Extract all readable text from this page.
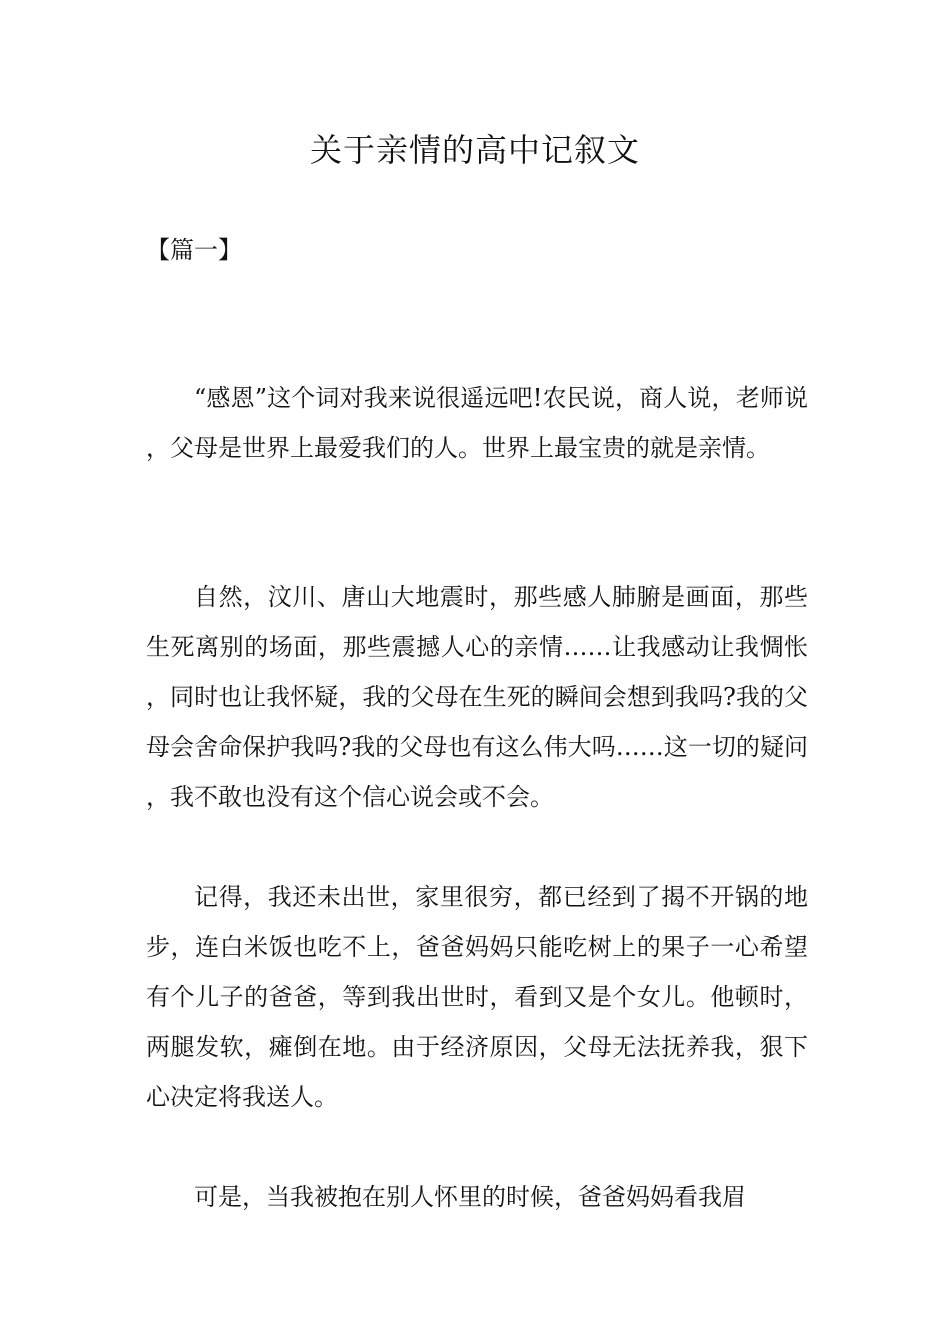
关于亲情的高中记叙文

【篇一】

“感恩”这个词对我来说很遥远吧!农民说，商人说，老师说，父母是世界上最爱我们的人。世界上最宝贵的就是亲情。

自然，汶川、唐山大地震时，那些感人肺腑是画面，那些生死离别的场面，那些震撼人心的亲情……让我感动让我惆怅，同时也让我怀疑，我的父母在生死的瞬间会想到我吗?我的父母会舍命保护我吗?我的父母也有这么伟大吗……这一切的疑问，我不敢也没有这个信心说会或不会。

记得，我还未出世，家里很穷，都已经到了揭不开锅的地步，连白米饭也吃不上，爸爸妈妈只能吃树上的果子一心希望有个儿子的爸爸，等到我出世时，看到又是个女儿。他顿时，两腿发软，瘫倒在地。由于经济原因，父母无法抚养我，狠下心决定将我送人。

可是，当我被抱在别人怀里的时候，爸爸妈妈看我眉
